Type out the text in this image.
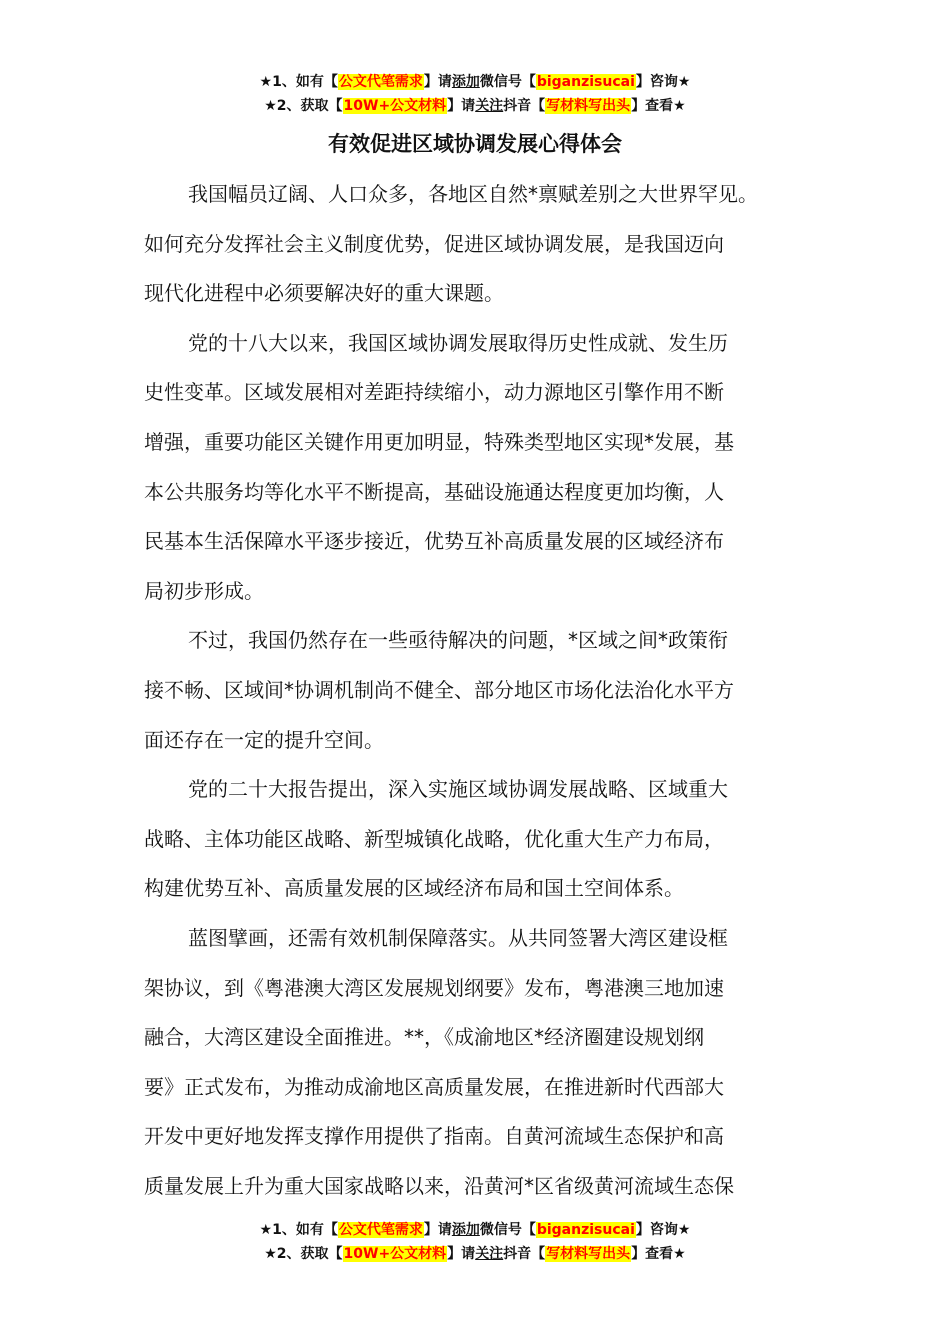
★1、如有【公文代笔需求】请添加微信号【biganzisucai】咨询★
★2、获取【10W+公文材料】请关注抖音【写材料写出头】查看★
有效促进区域协调发展心得体会
我国幅员辽阔、人口众多，各地区自然*禀赋差别之大世界罕见。
如何充分发挥社会主义制度优势，促进区域协调发展，是我国迈向
现代化进程中必须要解决好的重大课题。
党的十八大以来，我国区域协调发展取得历史性成就、发生历
史性变革。区域发展相对差距持续缩小，动力源地区引擎作用不断
增强，重要功能区关键作用更加明显，特殊类型地区实现*发展，基
本公共服务均等化水平不断提高，基础设施通达程度更加均衡，人
民基本生活保障水平逐步接近，优势互补高质量发展的区域经济布
局初步形成。
不过，我国仍然存在一些亟待解决的问题，*区域之间*政策衔
接不畅、区域间*协调机制尚不健全、部分地区市场化法治化水平方
面还存在一定的提升空间。
党的二十大报告提出，深入实施区域协调发展战略、区域重大
战略、主体功能区战略、新型城镇化战略，优化重大生产力布局，
构建优势互补、高质量发展的区域经济布局和国土空间体系。
蓝图擘画，还需有效机制保障落实。从共同签署大湾区建设框
架协议，到《粤港澳大湾区发展规划纲要》发布，粤港澳三地加速
融合，大湾区建设全面推进。**，《成渝地区*经济圈建设规划纲
要》正式发布，为推动成渝地区高质量发展，在推进新时代西部大
开发中更好地发挥支撑作用提供了指南。自黄河流域生态保护和高
质量发展上升为重大国家战略以来，沿黄河*区省级黄河流域生态保
★1、如有【公文代笔需求】请添加微信号【biganzisucai】咨询★
★2、获取【10W+公文材料】请关注抖音【写材料写出头】查看★
